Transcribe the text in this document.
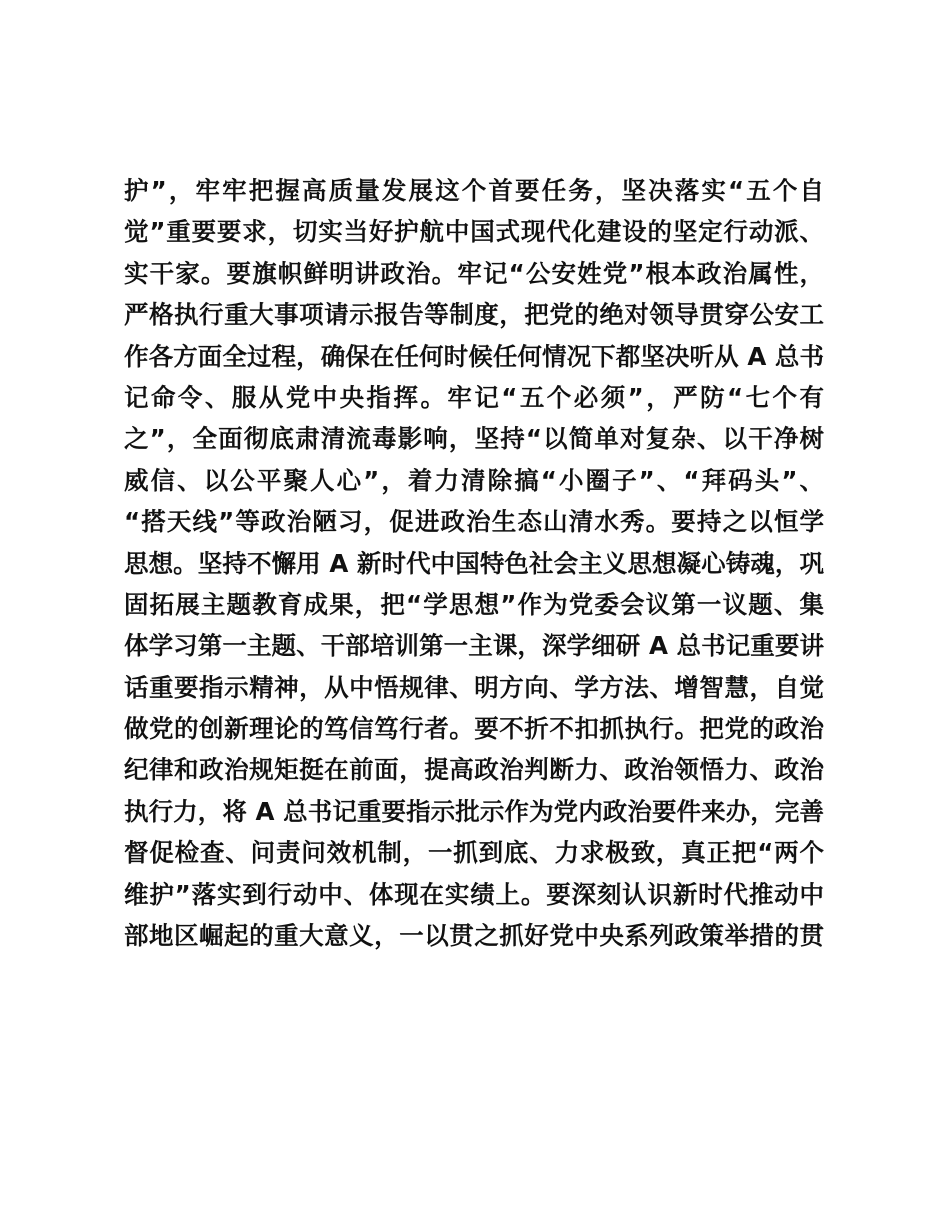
护”，牢牢把握高质量发展这个首要任务，坚决落实“五个自
觉”重要要求，切实当好护航中国式现代化建设的坚定行动派、
实干家。要旗帜鲜明讲政治。牢记“公安姓党”根本政治属性，
严格执行重大事项请示报告等制度，把党的绝对领导贯穿公安工
作各方面全过程，确保在任何时候任何情况下都坚决听从 A 总书
记命令、服从党中央指挥。牢记“五个必须”，严防“七个有
之”，全面彻底肃清流毒影响，坚持“以简单对复杂、以干净树
威信、以公平聚人心”，着力清除搞“小圈子”、“拜码头”、
“搭天线”等政治陋习，促进政治生态山清水秀。要持之以恒学
思想。坚持不懈用 A 新时代中国特色社会主义思想凝心铸魂，巩
固拓展主题教育成果，把“学思想”作为党委会议第一议题、集
体学习第一主题、干部培训第一主课，深学细研 A 总书记重要讲
话重要指示精神，从中悟规律、明方向、学方法、增智慧，自觉
做党的创新理论的笃信笃行者。要不折不扣抓执行。把党的政治
纪律和政治规矩挺在前面，提高政治判断力、政治领悟力、政治
执行力，将 A 总书记重要指示批示作为党内政治要件来办，完善
督促检查、问责问效机制，一抓到底、力求极致，真正把“两个
维护”落实到行动中、体现在实绩上。要深刻认识新时代推动中
部地区崛起的重大意义，一以贯之抓好党中央系列政策举措的贯
